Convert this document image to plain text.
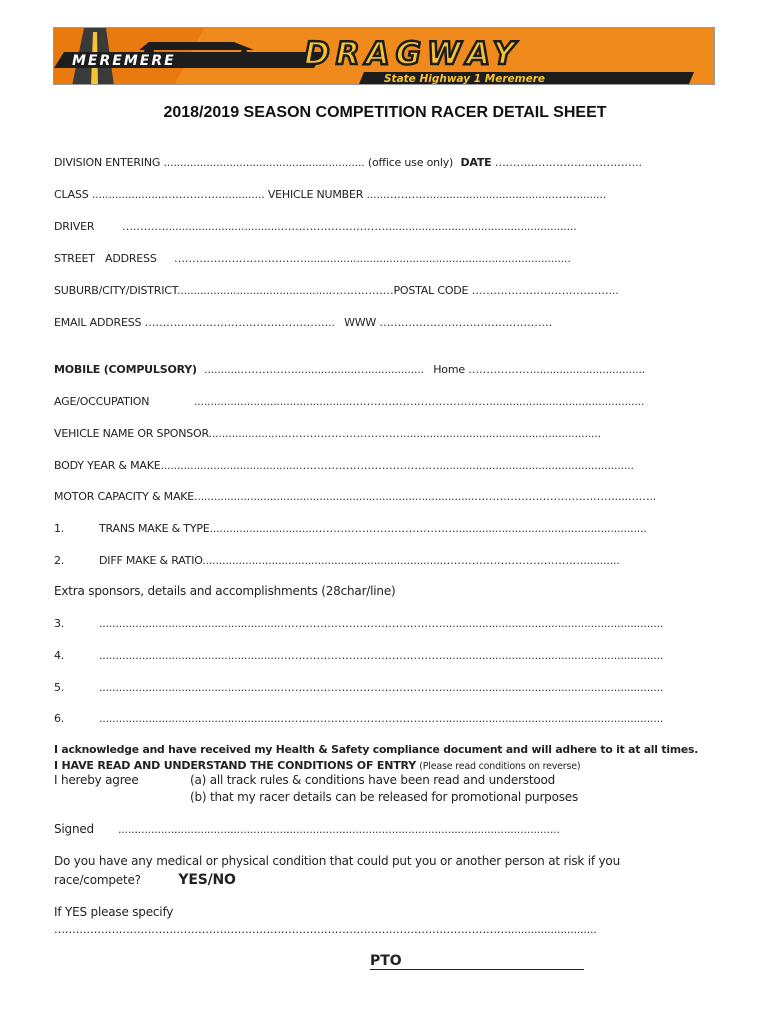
MEREMERE	DRAGWAY
State Highway 1 Meremere
2018/2019 SEASON COMPETITION RACER DETAIL SHEET
DIVISION ENTERING ............................................................. (office use only) DATE …………………………………..
CLASS ......................…………….............. VEHICLE NUMBER ......…………......................................…….........
DRIVER	…………...................................………………………….........................................................
STREET ADDRESS ……………………………….................................................................................
SUBURB/CITY/DISTRICT..............................................………………POSTAL CODE …………………………………..
EMAIL ADDRESS …………………………………………….. WWW …………………………………………
MOBILE (COMPULSORY) ...........……………...................…................. Home ………………..................................
AGE/OCCUPATION	................................................…………………………………..............................................
VEHICLE NAME OR SPONSOR.......................……………………………............................................................
BODY YEAR & MAKE..........................................…………………………………...........................................................
MOTOR CAPACITY & MAKE.....................................................................................…………………………………....……..
1.	TRANS MAKE & TYPE................................…………………………………..........................................................
2.	DIFF MAKE & RATIO.........................................................................…………………………………...........
Extra sponsors, details and accomplishments (28char/line)
3.	.......................................................………………………………………...................................................................
4.	.......................................................………………………………………...................................................................
5.	.......................................................………………………………………...................................................................
6.	.......................................................………………………………………...................................................................
I acknowledge and have received my Health & Safety compliance document and will adhere to it at all times.
I HAVE READ AND UNDERSTAND THE CONDITIONS OF ENTRY (Please read conditions on reverse)
I hereby agree	(a) all track rules & conditions have been read and understood
(b) that my racer details can be released for promotional purposes
Signed ......................................................................................................................................
Do you have any medical or physical condition that could put you or another person at risk if you
race/compete?	YES/NO
If YES please specify
………………………………………………………………………………………………………………...........................
PTO
